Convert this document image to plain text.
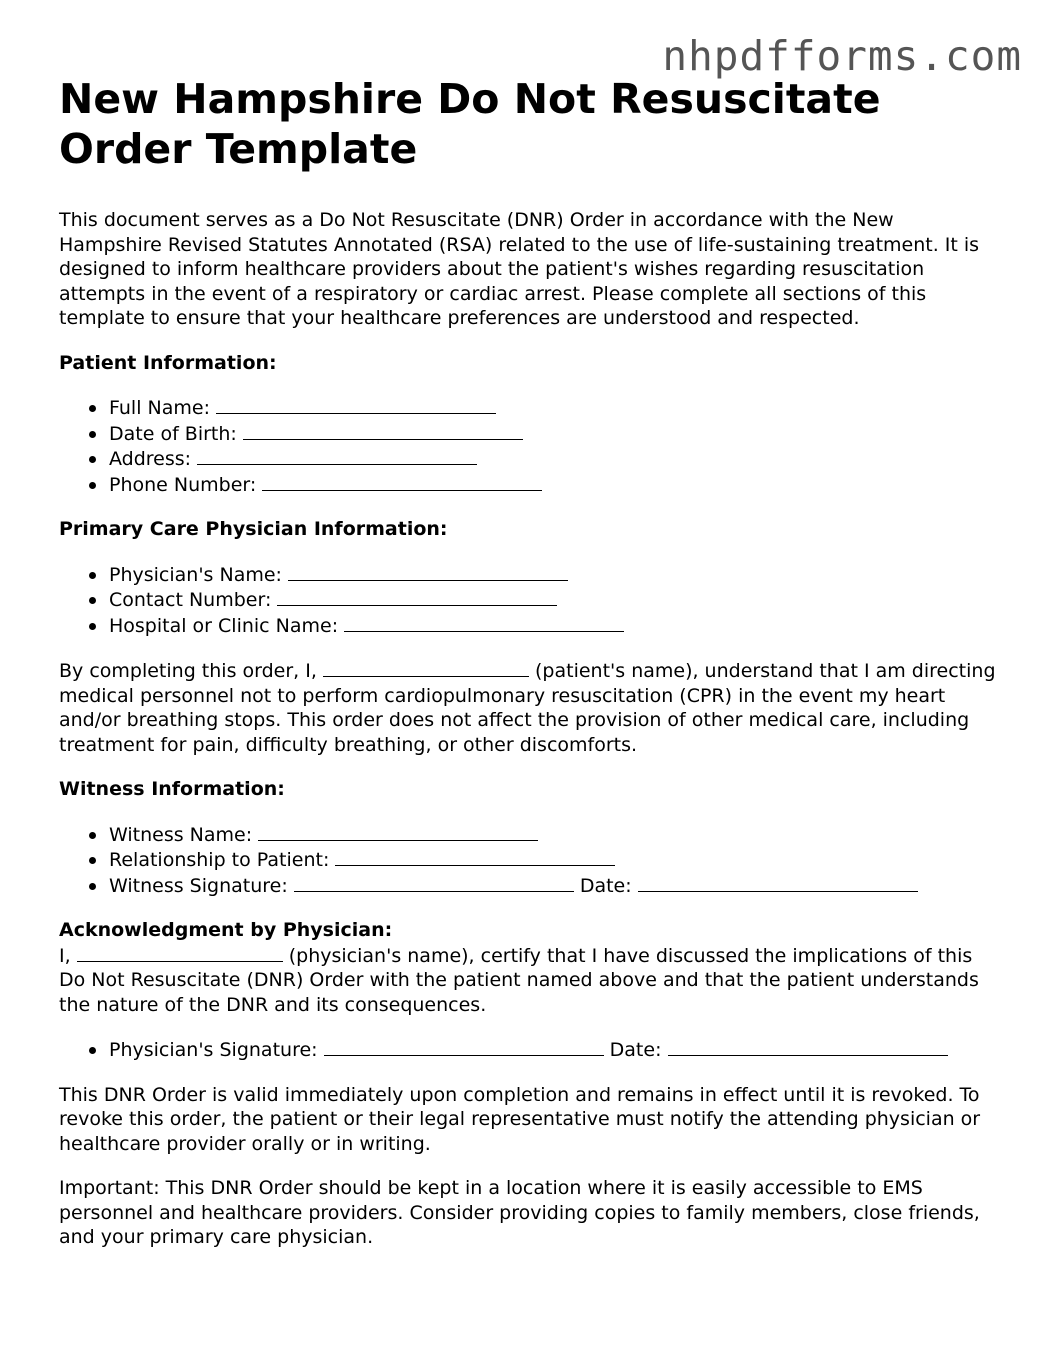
nhpdfforms.com
New Hampshire Do Not Resuscitate Order Template

This document serves as a Do Not Resuscitate (DNR) Order in accordance with the New Hampshire Revised Statutes Annotated (RSA) related to the use of life-sustaining treatment. It is designed to inform healthcare providers about the patient's wishes regarding resuscitation attempts in the event of a respiratory or cardiac arrest. Please complete all sections of this template to ensure that your healthcare preferences are understood and respected.

Patient Information:
Full Name:
Date of Birth:
Address:
Phone Number:
Primary Care Physician Information:
Physician's Name:
Contact Number:
Hospital or Clinic Name:

By completing this order, I,	(patient's name), understand that I am directing medical personnel not to perform cardiopulmonary resuscitation (CPR) in the event my heart and/or breathing stops. This order does not affect the provision of other medical care, including treatment for pain, difficulty breathing, or other discomforts.

Witness Information:
Witness Name:
Relationship to Patient:
Witness Signature:	Date:
Acknowledgment by Physician:

I,	(physician's name), certify that I have discussed the implications of this Do Not Resuscitate (DNR) Order with the patient named above and that the patient understands the nature of the DNR and its consequences.

Physician's Signature:	Date:

This DNR Order is valid immediately upon completion and remains in effect until it is revoked. To revoke this order, the patient or their legal representative must notify the attending physician or healthcare provider orally or in writing.

Important: This DNR Order should be kept in a location where it is easily accessible to EMS personnel and healthcare providers. Consider providing copies to family members, close friends, and your primary care physician.
